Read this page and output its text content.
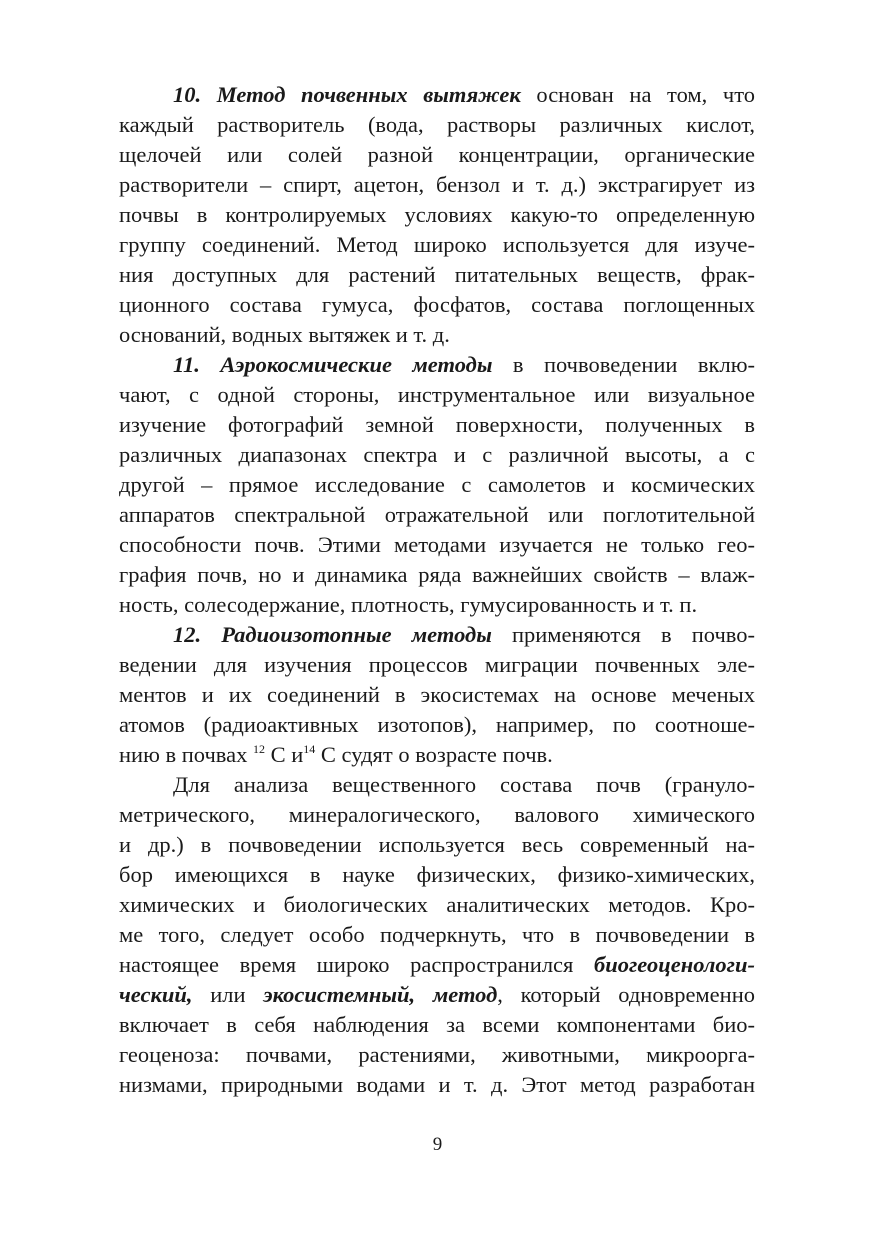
10. Метод почвенных вытяжек основан на том, что
каждый растворитель (вода, растворы различных кислот,
щелочей или солей разной концентрации, органические
растворители – спирт, ацетон, бензол и т. д.) экстрагирует из
почвы в контролируемых условиях какую-то определенную
группу соединений. Метод широко используется для изуче-
ния доступных для растений питательных веществ, фрак-
ционного состава гумуса, фосфатов, состава поглощенных
оснований, водных вытяжек и т. д.
11. Аэрокосмические методы в почвоведении вклю-
чают, с одной стороны, инструментальное или визуальное
изучение фотографий земной поверхности, полученных в
различных диапазонах спектра и с различной высоты, а с
другой – прямое исследование с самолетов и космических
аппаратов спектральной отражательной или поглотительной
способности почв. Этими методами изучается не только гео-
графия почв, но и динамика ряда важнейших свойств – влаж-
ность, солесодержание, плотность, гумусированность и т. п.
12. Радиоизотопные методы применяются в почво-
ведении для изучения процессов миграции почвенных эле-
ментов и их соединений в экосистемах на основе меченых
атомов (радиоактивных изотопов), например, по соотноше-
нию в почвах $^{12}$ С $и^{14}$ С судят о возрасте почв.
Для анализа вещественного состава почв (грануло-
метрического, минералогического, валового химического
и др.) в почвоведении используется весь современный на-
бор имеющихся в науке физических, физико-химических,
химических и биологических аналитических методов. Кро-
ме того, следует особо подчеркнуть, что в почвоведении в
настоящее время широко распространился биогеоценологи-
ческий, или экосистемный, метод, который одновременно
включает в себя наблюдения за всеми компонентами био-
геоценоза: почвами, растениями, животными, микроорга-
низмами, природными водами и т. д. Этот метод разработан
9
